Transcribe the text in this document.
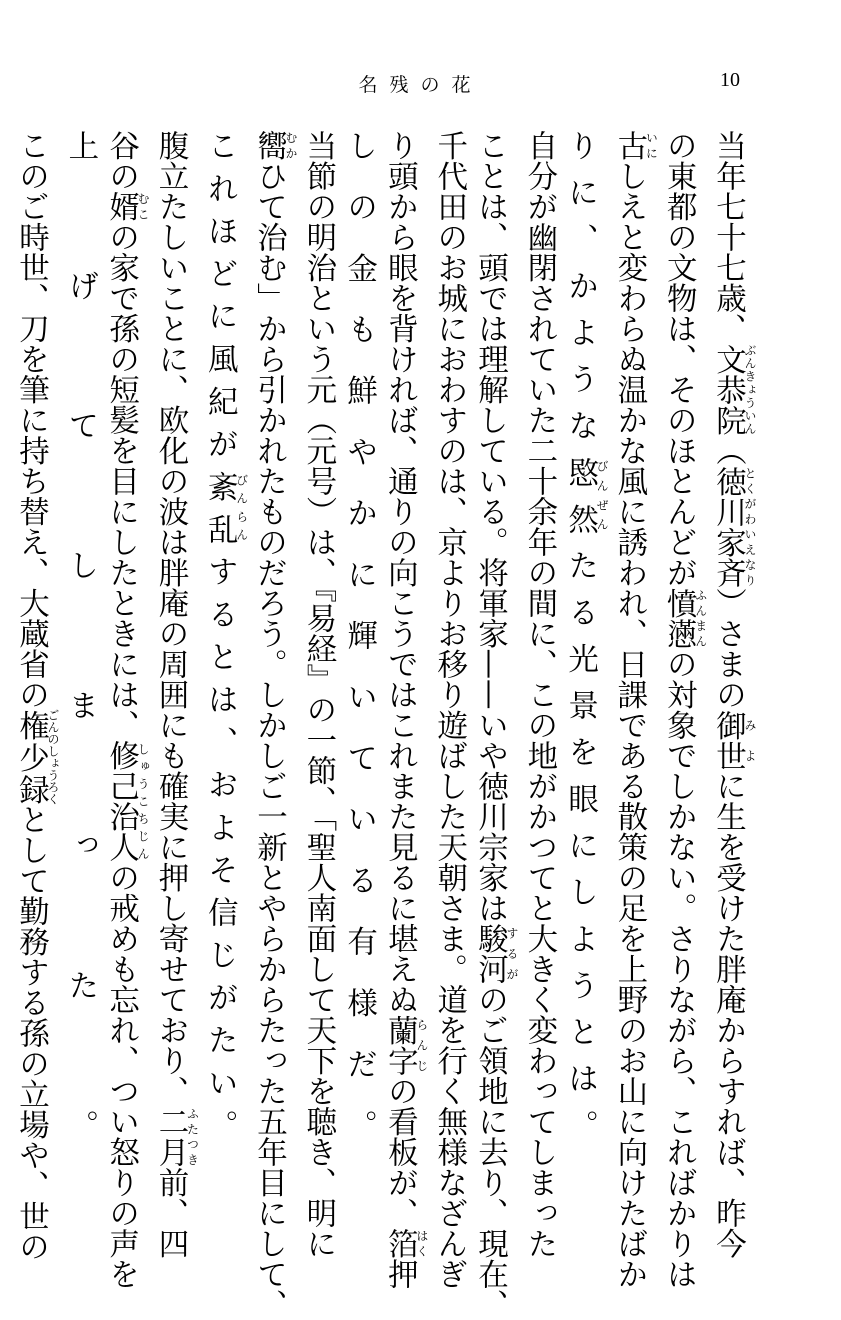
名残の花	10
当年七十七歳、文恭院ぶんきょういん（徳川家斉とくがわいえなり）さまの御世みよに生を受けた胖庵からすれば、昨今
の東都の文物は、そのほとんどが憤懣ふんまんの対象でしかない。さりながら、こればかりは
古いにしえと変わらぬ温かな風に誘われ、日課である散策の足を上野のお山に向けたばか
りに、かような愍然びんぜんたる光景を眼にしようとは。
自分が幽閉されていた二十余年の間に、この地がかつてと大きく変わってしまった
ことは、頭では理解している。将軍家——いや徳川宗家は駿河するがのご領地に去り、現在、
千代田のお城におわすのは、京よりお移り遊ばした天朝さま。道を行く無様なざんぎ
り頭から眼を背ければ、通りの向こうではこれまた見るに堪えぬ蘭字らんじの看板が、箔はく押
しの金も鮮やかに輝いている有様だ。
当節の明治という元（元号）は、『易経』の一節、「聖人南面して天下を聴き、明に
嚮むかひて治む」から引かれたものだろう。しかしご一新とやらからたった五年目にして、
これほどに風紀が紊乱びんらんするとは、およそ信じがたい。
腹立たしいことに、欧化の波は胖庵の周囲にも確実に押し寄せており、二月ふたつき前、四
谷の婿むこの家で孫の短髪を目にしたときには、修己治人しゅうこちじんの戒めも忘れ、つい怒りの声を
上げてしまった。
このご時世、刀を筆に持ち替え、大蔵省の権少録ごんのしょうろくとして勤務する孫の立場や、世の
